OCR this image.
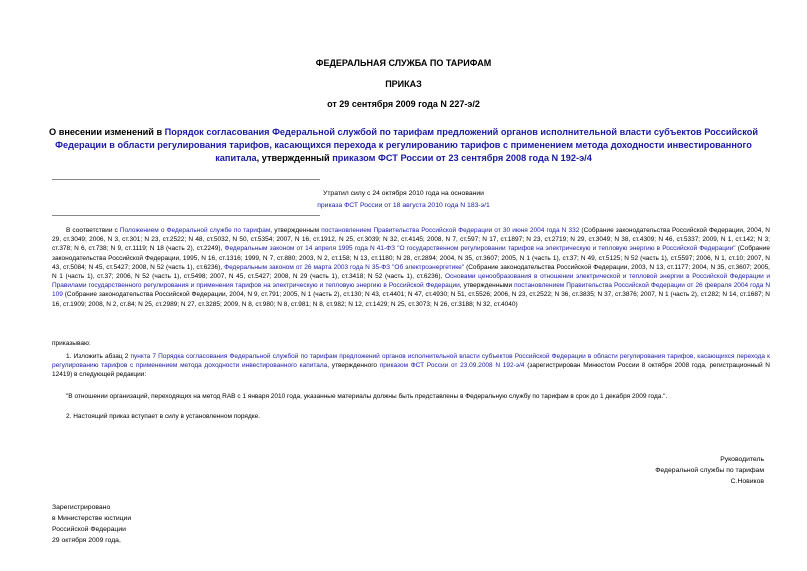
ФЕДЕРАЛЬНАЯ СЛУЖБА ПО ТАРИФАМ
ПРИКАЗ
от 29 сентября 2009 года N 227-э/2
О внесении изменений в Порядок согласования Федеральной службой по тарифам предложений органов исполнительной власти субъектов Российской Федерации в области регулирования тарифов, касающихся перехода к регулированию тарифов с применением метода доходности инвестированного капитала, утвержденный приказом ФСТ России от 23 сентября 2008 года N 192-э/4
Утратил силу с 24 октября 2010 года на основании
приказа ФСТ России от 18 августа 2010 года N 183-э/1
В соответствии с Положением о Федеральной службе по тарифам, утвержденным постановлением Правительства Российской Федерации от 30 июня 2004 года N 332 (Собрание законодательства Российской Федерации, 2004, N 29, ст.3049; 2006, N 3, ст.301; N 23, ст.2522; N 48, ст.5032, N 50, ст.5354; 2007, N 16, ст.1912, N 25, ст.3039; N 32, ст.4145; 2008, N 7, ст.597; N 17, ст.1897; N 23, ст.2719; N 29, ст.3049; N 38, ст.4309; N 46, ст.5337; 2009, N 1, ст.142; N 3; ст.378; N 6, ст.738; N 9, ст.1119; N 18 (часть 2), ст.2249), Федеральным законом от 14 апреля 1995 года N 41-ФЗ "О государственном регулировании тарифов на электрическую и тепловую энергию в Российской Федерации" (Собрание законодательства Российской Федерации, 1995, N 16, ст.1316; 1999, N 7, ст.880; 2003, N 2, ст.158; N 13, ст.1180; N 28, ст.2894; 2004, N 35, ст.3607; 2005, N 1 (часть 1), ст.37; N 49, ст.5125; N 52 (часть 1), ст.5597; 2006, N 1, ст.10; 2007, N 43, ст.5084; N 45, ст.5427; 2008, N 52 (часть 1), ст.6236), Федеральным законом от 26 марта 2003 года N 35-ФЗ "Об электроэнергетике" (Собрание законодательства Российской Федерации, 2003, N 13, ст.1177; 2004, N 35, ст.3607; 2005, N 1 (часть 1), ст.37; 2006, N 52 (часть 1), ст.5498; 2007, N 45, ст.5427; 2008, N 29 (часть 1), ст.3418; N 52 (часть 1), ст.6236), Основами ценообразования в отношении электрической и тепловой энергии в Российской Федерации и Правилами государственного регулирования и применения тарифов на электрическую и тепловую энергию в Российской Федерации, утвержденными постановлением Правительства Российской Федерации от 26 февраля 2004 года N 109 (Собрание законодательства Российской Федерации, 2004, N 9, ст.791; 2005, N 1 (часть 2), ст.130; N 43, ст.4401; N 47, ст.4930; N 51, ст.5526; 2006, N 23, ст.2522; N 36, ст.3835; N 37, ст.3876; 2007, N 1 (часть 2), ст.282; N 14, ст.1687; N 16, ст.1909; 2008, N 2, ст.84; N 25, ст.2989; N 27, ст.3285; 2009, N 8, ст.980; N 8, ст.981; N 8, ст.982; N 12, ст.1429; N 25, ст.3073; N 26, ст.3188; N 32, ст.4040)
приказываю:
1. Изложить абзац 2 пункта 7 Порядка согласования Федеральной службой по тарифам предложений органов исполнительной власти субъектов Российской Федерации в области регулирования тарифов, касающихся перехода к регулированию тарифов с применением метода доходности инвестированного капитала, утвержденного приказом ФСТ России от 23.09.2008 N 192-э/4 (зарегистрирован Минюстом России 8 октября 2008 года, регистрационный N 12419) в следующей редакции:
"В отношении организаций, переходящих на метод RAB с 1 января 2010 года, указанные материалы должны быть представлены в Федеральную службу по тарифам в срок до 1 декабря 2009 года.".
2. Настоящий приказ вступает в силу в установленном порядке.
Руководитель
Федеральной службы по тарифам
С.Новиков
Зарегистрировано
в Министерстве юстиции
Российской Федерации
29 октября 2009 года,
